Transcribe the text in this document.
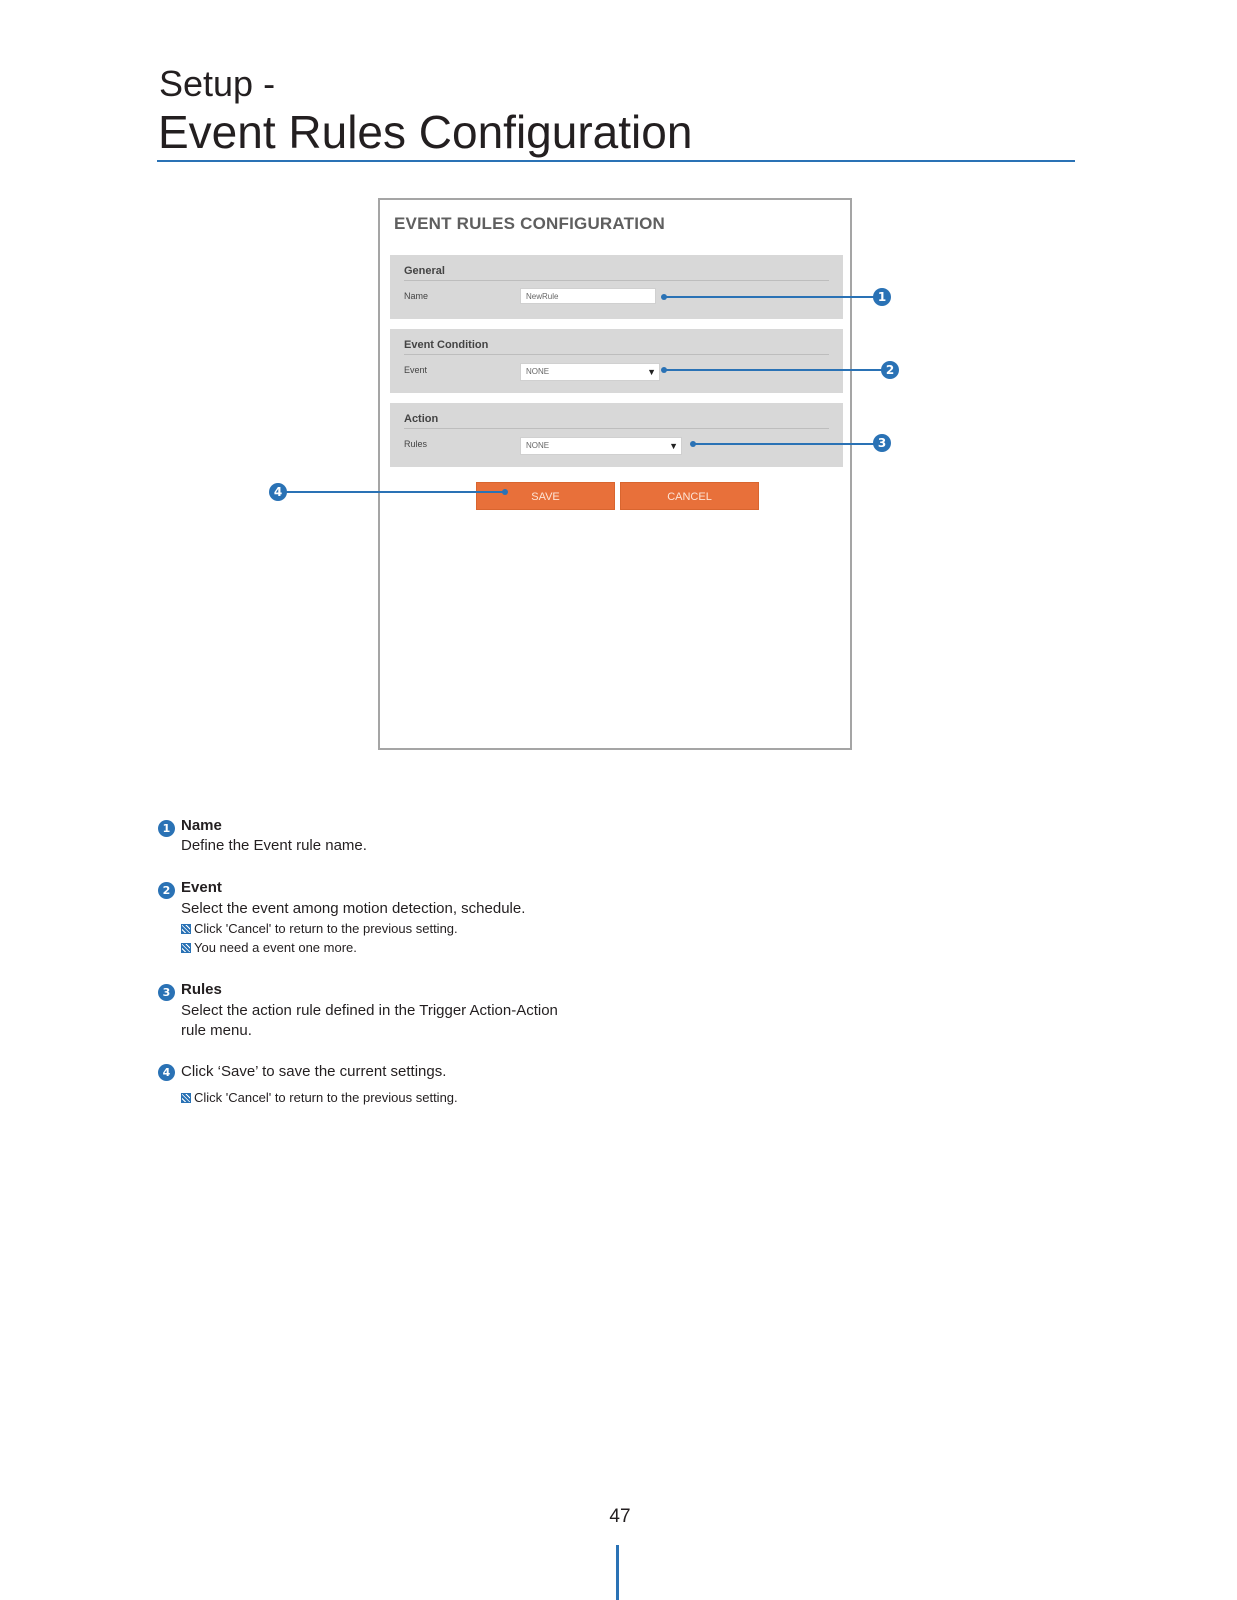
Setup -
Event Rules Configuration
EVENT RULES CONFIGURATION
General
Name	NewRule
Event Condition
Event	NONE	▼
Action
Rules	NONE	▼
SAVE	CANCEL
1
2
3
4
1 Name
Define the Event rule name.
2 Event
Select the event among motion detection, schedule.
Click 'Cancel' to return to the previous setting.
You need a event one more.
3 Rules
Select the action rule defined in the Trigger Action-Action
rule menu.
4 Click ‘Save’ to save the current settings.
Click 'Cancel' to return to the previous setting.
47
